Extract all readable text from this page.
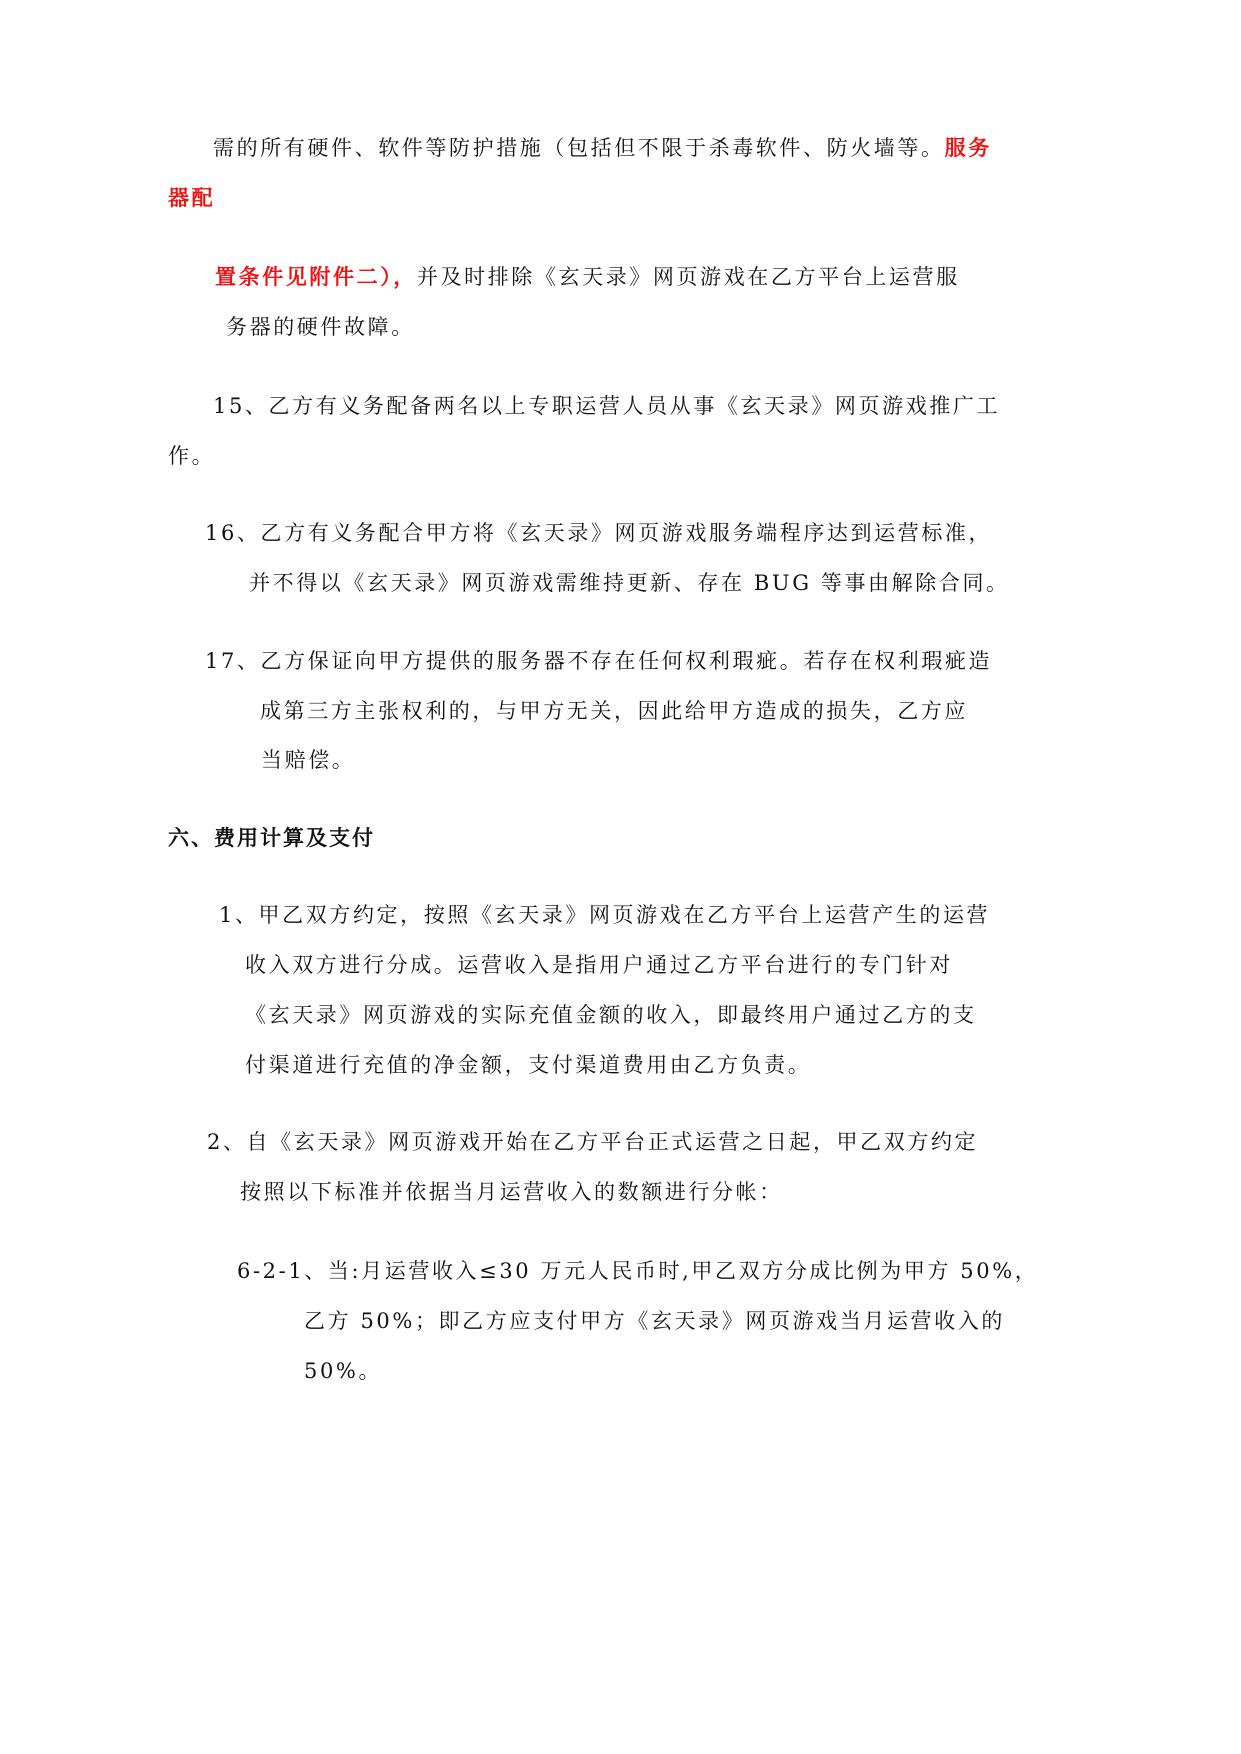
需的所有硬件、软件等防护措施（包括但不限于杀毒软件、防火墙等。服务
器配
置条件见附件二），并及时排除《玄天录》网页游戏在乙方平台上运营服
务器的硬件故障。
15、乙方有义务配备两名以上专职运营人员从事《玄天录》网页游戏推广工
作。
16、乙方有义务配合甲方将《玄天录》网页游戏服务端程序达到运营标准，
并不得以《玄天录》网页游戏需维持更新、存在 BUG 等事由解除合同。
17、乙方保证向甲方提供的服务器不存在任何权利瑕疵。若存在权利瑕疵造
成第三方主张权利的，与甲方无关，因此给甲方造成的损失，乙方应
当赔偿。
六、费用计算及支付
1、甲乙双方约定，按照《玄天录》网页游戏在乙方平台上运营产生的运营
收入双方进行分成。运营收入是指用户通过乙方平台进行的专门针对
《玄天录》网页游戏的实际充值金额的收入，即最终用户通过乙方的支
付渠道进行充值的净金额，支付渠道费用由乙方负责。
2、自《玄天录》网页游戏开始在乙方平台正式运营之日起，甲乙双方约定
按照以下标准并依据当月运营收入的数额进行分帐：
6-2-1、当:月运营收入≤30 万元人民币时,甲乙双方分成比例为甲方 50%，
乙方 50%；即乙方应支付甲方《玄天录》网页游戏当月运营收入的
50%。
